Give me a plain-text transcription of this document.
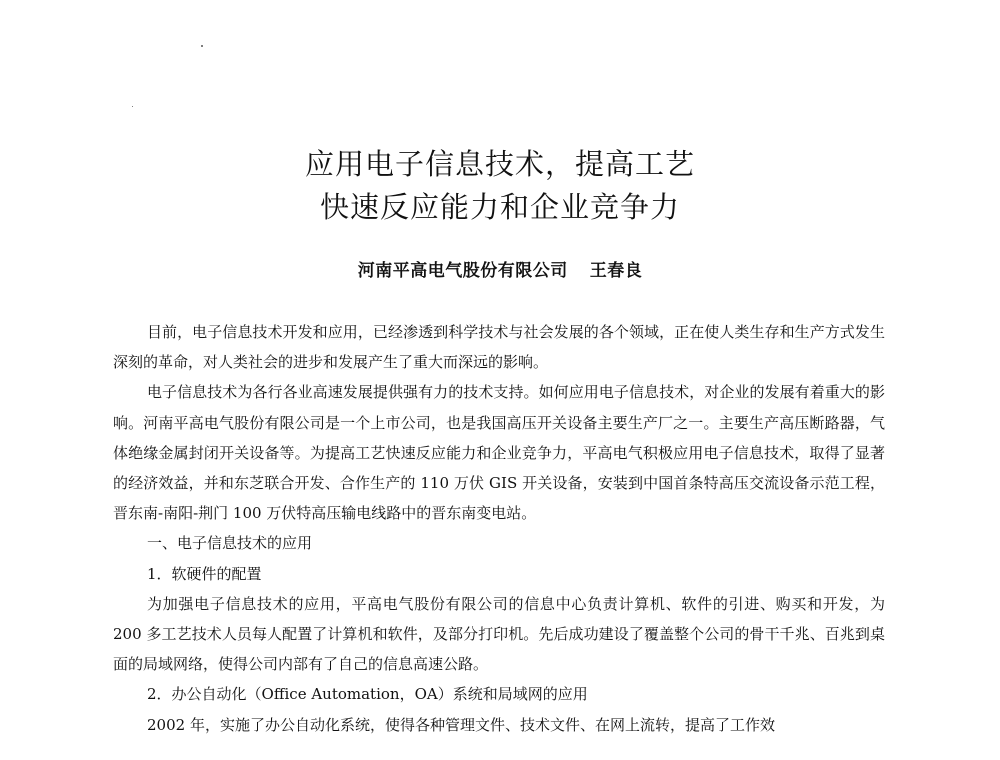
应用电子信息技术，提高工艺
快速反应能力和企业竞争力
河南平高电气股份有限公司 王春良

目前，电子信息技术开发和应用，已经渗透到科学技术与社会发展的各个领域，正在使人类生存和生产方式发生深刻的革命，对人类社会的进步和发展产生了重大而深远的影响。

电子信息技术为各行各业高速发展提供强有力的技术支持。如何应用电子信息技术，对企业的发展有着重大的影响。河南平高电气股份有限公司是一个上市公司，也是我国高压开关设备主要生产厂之一。主要生产高压断路器，气体绝缘金属封闭开关设备等。为提高工艺快速反应能力和企业竞争力，平高电气积极应用电子信息技术，取得了显著的经济效益，并和东芝联合开发、合作生产的 110 万伏 GIS 开关设备，安装到中国首条特高压交流设备示范工程，晋东南-南阳-荆门 100 万伏特高压输电线路中的晋东南变电站。

一、电子信息技术的应用

1．软硬件的配置

为加强电子信息技术的应用，平高电气股份有限公司的信息中心负责计算机、软件的引进、购买和开发，为 200 多工艺技术人员每人配置了计算机和软件，及部分打印机。先后成功建设了覆盖整个公司的骨干千兆、百兆到桌面的局域网络，使得公司内部有了自己的信息高速公路。

2．办公自动化（Office Automation，OA）系统和局域网的应用

2002 年，实施了办公自动化系统，使得各种管理文件、技术文件、在网上流转，提高了工作效
